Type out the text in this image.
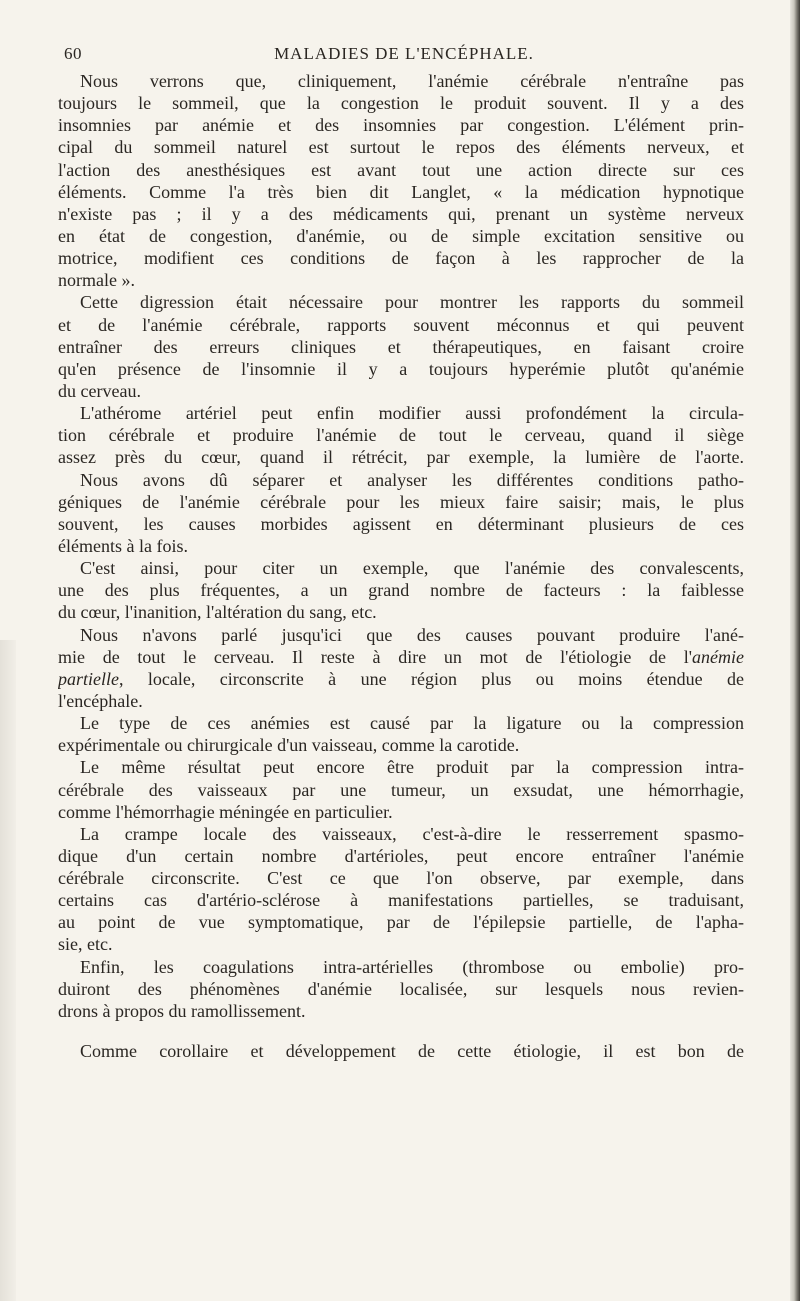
60	MALADIES DE L'ENCÉPHALE.
Nous verrons que, cliniquement, l'anémie cérébrale n'entraîne pas
toujours le sommeil, que la congestion le produit souvent. Il y a des
insomnies par anémie et des insomnies par congestion. L'élément prin-
cipal du sommeil naturel est surtout le repos des éléments nerveux, et
l'action des anesthésiques est avant tout une action directe sur ces
éléments. Comme l'a très bien dit Langlet, « la médication hypnotique
n'existe pas ; il y a des médicaments qui, prenant un système nerveux
en état de congestion, d'anémie, ou de simple excitation sensitive ou
motrice, modifient ces conditions de façon à les rapprocher de la
normale ».
Cette digression était nécessaire pour montrer les rapports du sommeil
et de l'anémie cérébrale, rapports souvent méconnus et qui peuvent
entraîner des erreurs cliniques et thérapeutiques, en faisant croire
qu'en présence de l'insomnie il y a toujours hyperémie plutôt qu'anémie
du cerveau.
L'athérome artériel peut enfin modifier aussi profondément la circula-
tion cérébrale et produire l'anémie de tout le cerveau, quand il siège
assez près du cœur, quand il rétrécit, par exemple, la lumière de l'aorte.
Nous avons dû séparer et analyser les différentes conditions patho-
géniques de l'anémie cérébrale pour les mieux faire saisir; mais, le plus
souvent, les causes morbides agissent en déterminant plusieurs de ces
éléments à la fois.
C'est ainsi, pour citer un exemple, que l'anémie des convalescents,
une des plus fréquentes, a un grand nombre de facteurs : la faiblesse
du cœur, l'inanition, l'altération du sang, etc.
Nous n'avons parlé jusqu'ici que des causes pouvant produire l'ané-
mie de tout le cerveau. Il reste à dire un mot de l'étiologie de l'anémie
partielle, locale, circonscrite à une région plus ou moins étendue de
l'encéphale.
Le type de ces anémies est causé par la ligature ou la compression
expérimentale ou chirurgicale d'un vaisseau, comme la carotide.
Le même résultat peut encore être produit par la compression intra-
cérébrale des vaisseaux par une tumeur, un exsudat, une hémorrhagie,
comme l'hémorrhagie méningée en particulier.
La crampe locale des vaisseaux, c'est-à-dire le resserrement spasmo-
dique d'un certain nombre d'artérioles, peut encore entraîner l'anémie
cérébrale circonscrite. C'est ce que l'on observe, par exemple, dans
certains cas d'artério-sclérose à manifestations partielles, se traduisant,
au point de vue symptomatique, par de l'épilepsie partielle, de l'apha-
sie, etc.
Enfin, les coagulations intra-artérielles (thrombose ou embolie) pro-
duiront des phénomènes d'anémie localisée, sur lesquels nous revien-
drons à propos du ramollissement.
Comme corollaire et développement de cette étiologie, il est bon de
